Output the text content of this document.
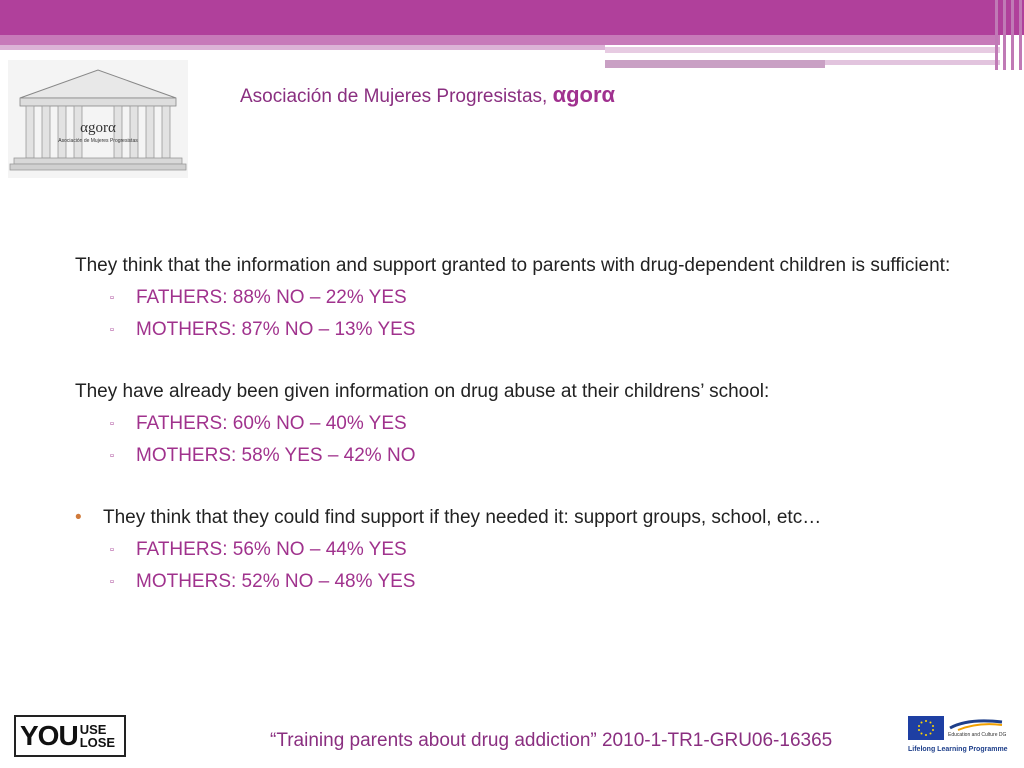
αgorα
Asociación de Mujeres Progresistas
Asociación de Mujeres Progresistas, αgorα
They think that the information and support granted to parents with drug-dependent children is sufficient:
▫ FATHERS: 88% NO – 22% YES
▫ MOTHERS: 87% NO – 13% YES
They have already been given information on drug abuse at their childrens’ school:
▫ FATHERS: 60% NO – 40% YES
▫ MOTHERS: 58% YES – 42% NO
• They think that they could find support if they needed it: support groups, school, etc…
▫ FATHERS: 56% NO – 44% YES
▫ MOTHERS: 52% NO – 48% YES
YOU USE
LOSE	“Training parents about drug addiction” 2010-1-TR1-GRU06-16365	Education and Culture DG
Lifelong Learning Programme
